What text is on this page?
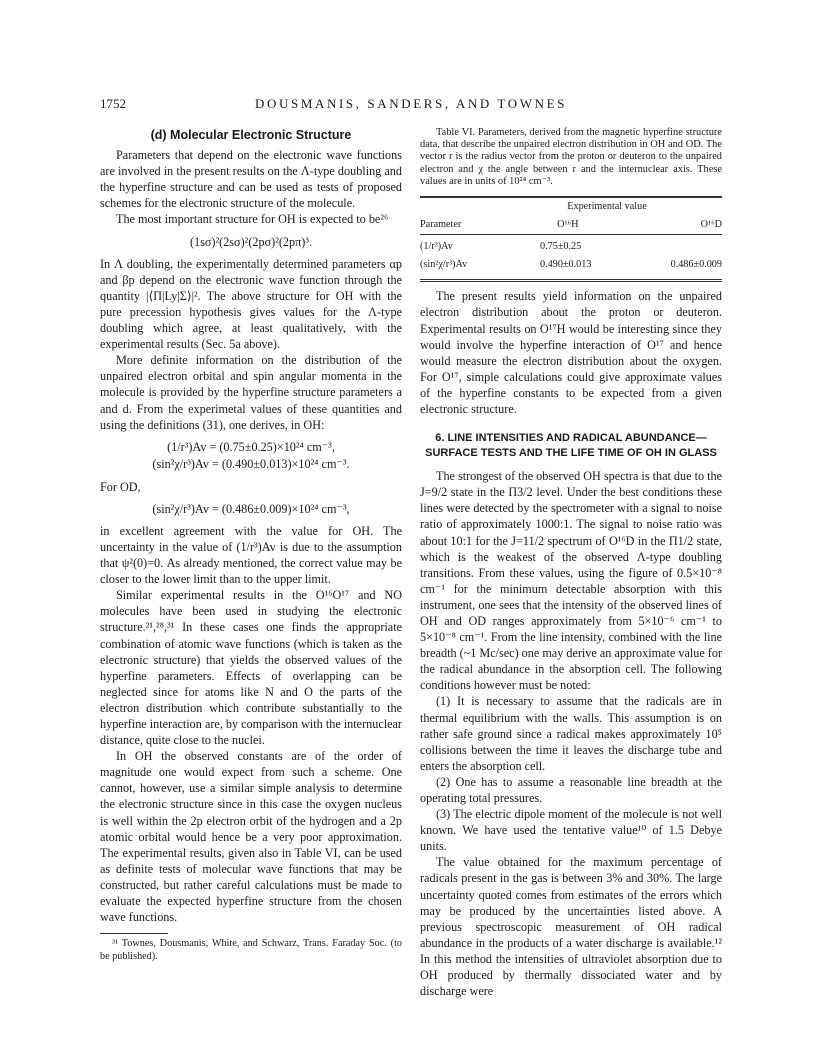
1752	DOUSMANIS, SANDERS, AND TOWNES
(d) Molecular Electronic Structure

Parameters that depend on the electronic wave functions are involved in the present results on the Λ-type doubling and the hyperfine structure and can be used as tests of proposed schemes for the electronic structure of the molecule.

The most important structure for OH is expected to be²⁶

(1sσ)²(2sσ)²(2pσ)²(2pπ)³.

In Λ doubling, the experimentally determined parameters αp and βp depend on the electronic wave function through the quantity |⟨Π|Ly|Σ⟩|². The above structure for OH with the pure precession hypothesis gives values for the Λ-type doubling which agree, at least qualitatively, with the experimental results (Sec. 5a above).

More definite information on the distribution of the unpaired electron orbital and spin angular momenta in the molecule is provided by the hyperfine structure parameters a and d. From the experimetal values of these quantities and using the definitions (31), one derives, in OH:

(1/r³)Av = (0.75±0.25)×10²⁴ cm⁻³,
(sin²χ/r³)Av = (0.490±0.013)×10²⁴ cm⁻³.

For OD,

(sin²χ/r³)Av = (0.486±0.009)×10²⁴ cm⁻³,

in excellent agreement with the value for OH. The uncertainty in the value of (1/r³)Av is due to the assumption that ψ²(0)=0. As already mentioned, the correct value may be closer to the lower limit than to the upper limit.

Similar experimental results in the O¹⁶O¹⁷ and NO molecules have been used in studying the electronic structure.²¹,²⁸,³¹ In these cases one finds the appropriate combination of atomic wave functions (which is taken as the electronic structure) that yields the observed values of the hyperfine parameters. Effects of overlapping can be neglected since for atoms like N and O the parts of the electron distribution which contribute substantially to the hyperfine interaction are, by comparison with the internuclear distance, quite close to the nuclei.

In OH the observed constants are of the order of magnitude one would expect from such a scheme. One cannot, however, use a similar simple analysis to determine the electronic structure since in this case the oxygen nucleus is well within the 2p electron orbit of the hydrogen and a 2p atomic orbital would hence be a very poor approximation. The experimental results, given also in Table VI, can be used as definite tests of molecular wave functions that may be constructed, but rather careful calculations must be made to evaluate the expected hyperfine structure from the chosen wave functions.

³¹ Townes, Dousmanis, White, and Schwarz, Trans. Faraday Soc. (to be published).

Table VI. Parameters, derived from the magnetic hyperfine structure data, that describe the unpaired electron distribution in OH and OD. The vector r is the radius vector from the proton or deuteron to the unpaired electron and χ the angle between r and the internuclear axis. These values are in units of 10²⁴ cm⁻³.

	Experimental value	
Parameter	O¹⁶H	O¹⁶D
(1/r³)Av	0.75±0.25	
(sin²χ/r³)Av	0.490±0.013	0.486±0.009

The present results yield information on the unpaired electron distribution about the proton or deuteron. Experimental results on O¹⁷H would be interesting since they would involve the hyperfine interaction of O¹⁷ and hence would measure the electron distribution about the oxygen. For O¹⁷, simple calculations could give approximate values of the hyperfine constants to be expected from a given electronic structure.

6. LINE INTENSITIES AND RADICAL ABUNDANCE—SURFACE TESTS AND THE LIFE TIME OF OH IN GLASS

The strongest of the observed OH spectra is that due to the J=9/2 state in the Π3/2 level. Under the best conditions these lines were detected by the spectrometer with a signal to noise ratio of approximately 1000:1. The signal to noise ratio was about 10:1 for the J=11/2 spectrum of O¹⁶D in the Π1/2 state, which is the weakest of the observed Λ-type doubling transitions. From these values, using the figure of 0.5×10⁻⁸ cm⁻¹ for the minimum detectable absorption with this instrument, one sees that the intensity of the observed lines of OH and OD ranges approximately from 5×10⁻⁶ cm⁻¹ to 5×10⁻⁸ cm⁻¹. From the line intensity, combined with the line breadth (~1 Mc/sec) one may derive an approximate value for the radical abundance in the absorption cell. The following conditions however must be noted:

(1) It is necessary to assume that the radicals are in thermal equilibrium with the walls. This assumption is on rather safe ground since a radical makes approximately 10⁵ collisions between the time it leaves the discharge tube and enters the absorption cell.

(2) One has to assume a reasonable line breadth at the operating total pressures.

(3) The electric dipole moment of the molecule is not well known. We have used the tentative value¹⁰ of 1.5 Debye units.

The value obtained for the maximum percentage of radicals present in the gas is between 3% and 30%. The large uncertainty quoted comes from estimates of the errors which may be produced by the uncertainties listed above. A previous spectroscopic measurement of OH radical abundance in the products of a water discharge is available.¹² In this method the intensities of ultraviolet absorption due to OH produced by thermally dissociated water and by discharge were
